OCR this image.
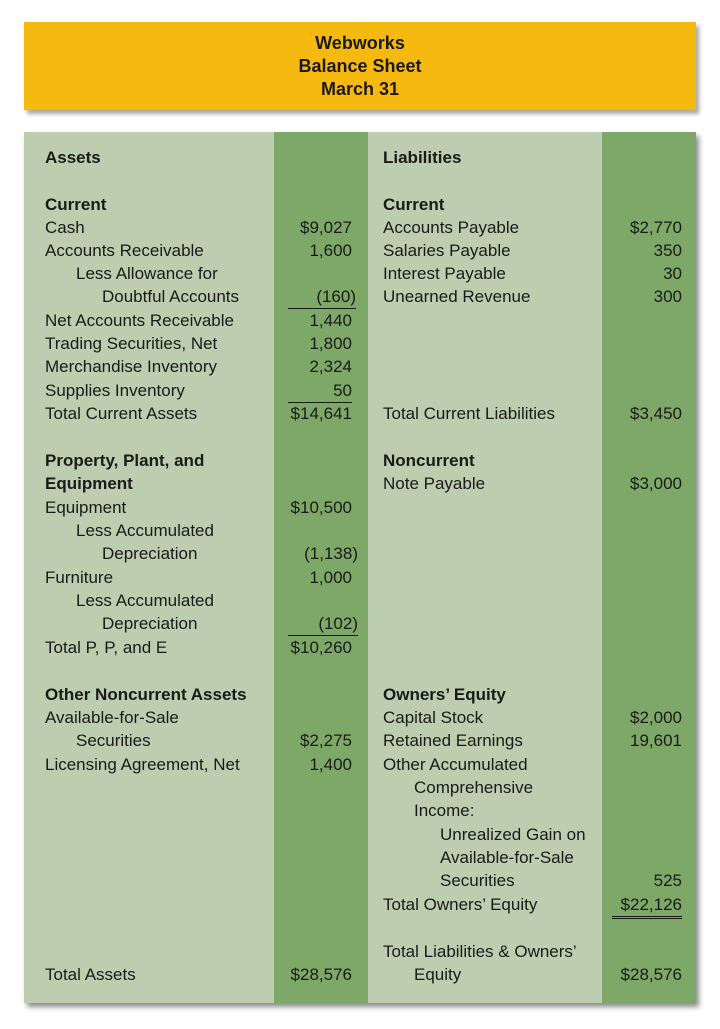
Webworks
Balance Sheet
March 31
Assets
Current
Cash	$9,027
Accounts Receivable	1,600
Less Allowance for
Doubtful Accounts	(160)
Net Accounts Receivable	1,440
Trading Securities, Net	1,800
Merchandise Inventory	2,324
Supplies Inventory	50
Total Current Assets	$14,641
Property, Plant, and
Equipment
Equipment	$10,500
Less Accumulated
Depreciation	(1,138)
Furniture	1,000
Less Accumulated
Depreciation	(102)
Total P, P, and E	$10,260
Other Noncurrent Assets
Available-for-Sale
Securities	$2,275
Licensing Agreement, Net	1,400
Total Assets	$28,576
Liabilities
Current
Accounts Payable	$2,770
Salaries Payable	350
Interest Payable	30
Unearned Revenue	300
Total Current Liabilities	$3,450
Noncurrent
Note Payable	$3,000
Owners’ Equity
Capital Stock	$2,000
Retained Earnings	19,601
Other Accumulated
Comprehensive
Income:
Unrealized Gain on
Available-for-Sale
Securities	525
Total Owners’ Equity	$22,126
Total Liabilities & Owners’
Equity	$28,576
